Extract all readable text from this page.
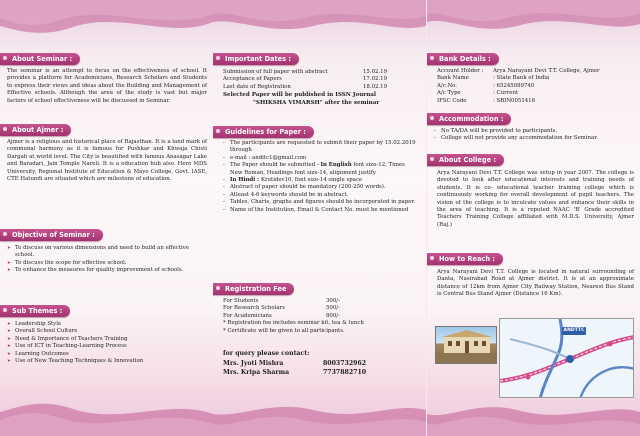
About Seminar :
The seminar is an attempt to focus on the effectiveness of school. It provides a platform for Academicians, Research Scholars and Students to express their views and ideas about the Building and Management of Effective schools. Although the area of the study is vast but major factors of school effectiveness will be discussed in Seminar.
About Ajmer :
Ajmer is a religious and historical place of Rajasthan. It is a land mark of communal harmony as it is famous for Pushkar and Khwaja Chisti Dargah at world level. The City is beautified with famous Anasagar Lake and Baradari, Jain Temple Nareli. It is a education hub also. Here MDS University, Regional Institute of Education & Mayo College, Govt. IASE, CTE Hatundi are situated which are milestone of education.
Objective of Seminar :
➤ To discuss on various dimensions and need to build an effective school.
➤ To discuss the scope for effective school.
➤ To enhance the measures for quality improvement of schools.
Sub Themes :
➤ Leadership Style
➤ Overall School Culture
➤ Need & Importance of Teachers Training
➤ Use of ICT in Teaching-Learning Process
➤ Learning Outcomes
➤ Use of New Teaching Techniques & Innovation
Important Dates :
Submission of full paper with abstract	15.02.19
Acceptance of Papers	17.02.19
Last date of Registration	18.02.19
Selected Paper will be published in ISSN Journal
"SHIKSHA VIMARSH" after the seminar
Guidelines for Paper :
- The participants are requested to submit their paper by 15.02.2019 through
- e-mail : anditc1@gmail.com
- The Paper should be submitted - In English font size-12, Times New Roman, Headings font size-14, alignment justify.
- In Hindi : Krutidev10, font size-14 single space
- Abstract of paper should be mandatory (200-250 words).
- Atleast 4-6 keywords should be in abstract.
- Tables, Charts, graphs and figures should be incorporated in paper.
- Name of the Institution, Email & Contact No. must be mentioned
Registration Fee
For Students	300/-
For Research Scholars	500/-
For Academicians	800/-
* Registration fee includes seminar kit, tea & lunch
* Certificate will be given to all participants.
for query please contact:
Mrs. Jyoti Mishra	8003732962
Mrs. Kripa Sharma	7737882710
Bank Details :
Account Holder :	Arya Narayani Devi T.T. College, Ajmer
Bank Name	: State Bank of India
A/c No.	: 65245089740
A/c Type	: Current
IFSC Code	: SBIN0051416
Accommodation :
- No TA/DA will be provided to participants.
- College will not provide any accommodation for Seminar.
About College :
Arya Narayani Devi T.T. College was setup in year 2007. The college is devoted to look after educational interests and training needs of students. It is co- educational teacher training college which is continuously working for overall development of pupil teachers. The vision of the college is to inculcate values and enhance their skills in the area of teaching. It is a reputed NAAC 'B' Grade accredited Teachers Training College affiliated with M.D.S. University, Ajmer (Raj.)
How to Reach :
Arya Narayani Devi T.T. College is located in natural surrounding of Danta, Nasirabad Road at Ajmer district. It is at an approximate distance of 12km from Ajmer City Railway Station, Nearest Bus Stand is Central Bus Stand Ajmer (Distance 16 Km).
ANDTTC
